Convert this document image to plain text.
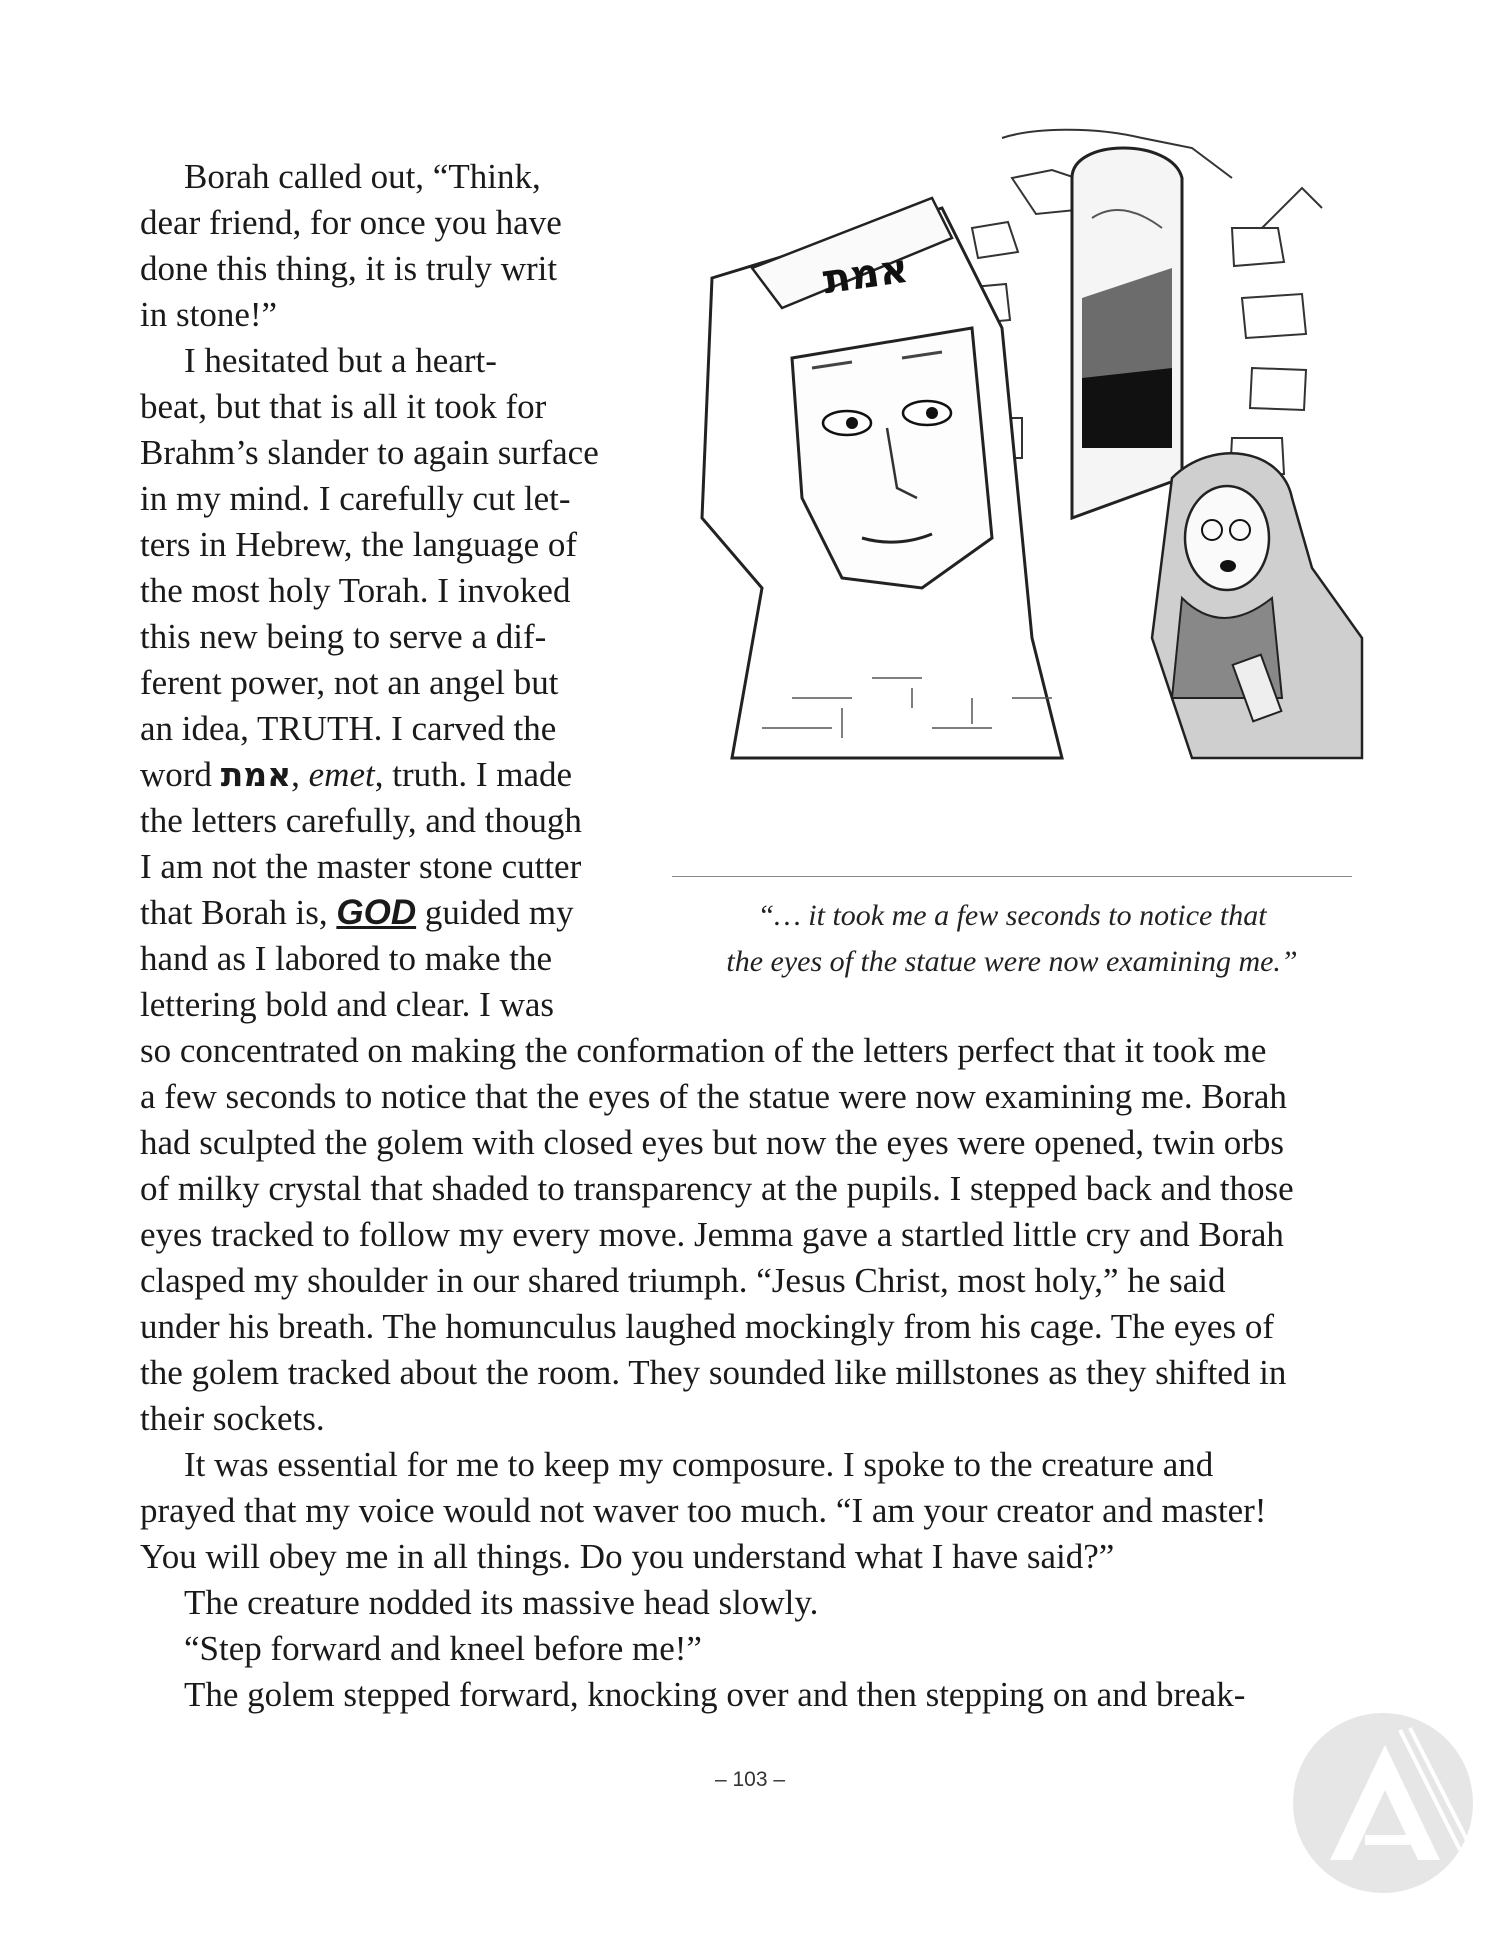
Borah called out, “Think,

dear friend, for once you have

done this thing, it is truly writ

in stone!”

I hesitated but a heart-

beat, but that is all it took for

Brahm’s slander to again surface

in my mind. I carefully cut let-

ters in Hebrew, the language of

the most holy Torah. I invoked

this new being to serve a dif-

ferent power, not an angel but

an idea, TRUTH. I carved the

word אמת, emet, truth. I made

the letters carefully, and though

I am not the master stone cutter

that Borah is, GOD guided my

hand as I labored to make the

lettering bold and clear. I was

so concentrated on making the conformation of the letters perfect that it took me

a few seconds to notice that the eyes of the statue were now examining me. Borah

had sculpted the golem with closed eyes but now the eyes were opened, twin orbs

of milky crystal that shaded to transparency at the pupils. I stepped back and those

eyes tracked to follow my every move. Jemma gave a startled little cry and Borah

clasped my shoulder in our shared triumph. “Jesus Christ, most holy,” he said

under his breath. The homunculus laughed mockingly from his cage. The eyes of

the golem tracked about the room. They sounded like millstones as they shifted in

their sockets.

It was essential for me to keep my composure. I spoke to the creature and

prayed that my voice would not waver too much. “I am your creator and master!

You will obey me in all things. Do you understand what I have said?”

The creature nodded its massive head slowly.

“Step forward and kneel before me!”

The golem stepped forward, knocking over and then stepping on and break-

אמת
“… it took me a few seconds to notice that
the eyes of the statue were now examining me.”
– 103 –
